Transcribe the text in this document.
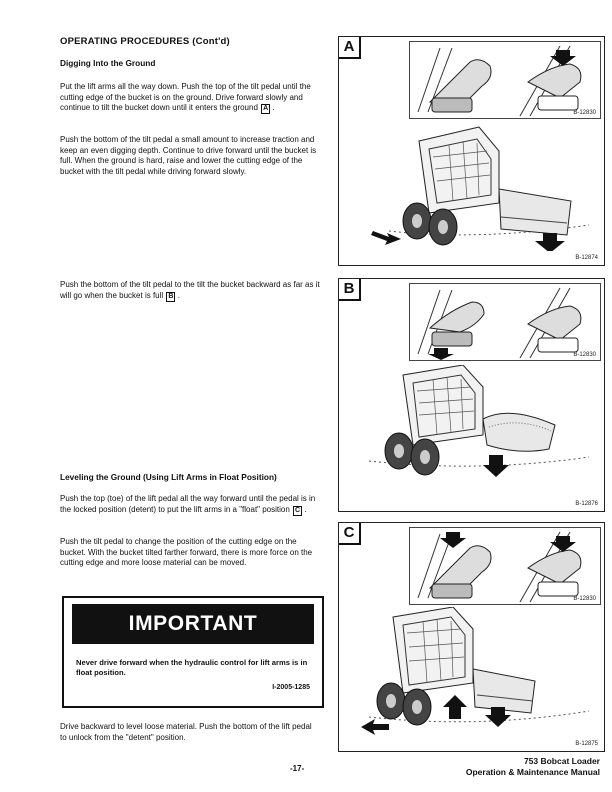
OPERATING PROCEDURES (Cont'd)
Digging Into the Ground
Put the lift arms all the way down. Push the top of the tilt pedal until the cutting edge of the bucket is on the ground. Drive forward slowly and continue to tilt the bucket down until it enters the ground A .
Push the bottom of the tilt pedal a small amount to increase traction and keep an even digging depth. Continue to drive forward until the bucket is full. When the ground is hard, raise and lower the cutting edge of the bucket with the tilt pedal while driving forward slowly.
Push the bottom of the tilt pedal to the tilt the bucket backward as far as it will go when the bucket is full B .
Leveling the Ground (Using Lift Arms in Float Position)
Push the top (toe) of the lift pedal all the way forward until the pedal is in the locked position (detent) to put the lift arms in a "float" position C .
Push the tilt pedal to change the position of the cutting edge on the bucket. With the bucket tilted farther forward, there is more force on the cutting edge and more loose material can be moved.
IMPORTANT
Never drive forward when the hydraulic control for lift arms is in float position.
I-2005-1285
Drive backward to level loose material. Push the bottom of the lift pedal to unlock from the "detent" position.
A
B-12830
B-12874
B
B-12830
B-12876
C
B-12830
B-12875
-17-
753 Bobcat Loader
Operation & Maintenance Manual
